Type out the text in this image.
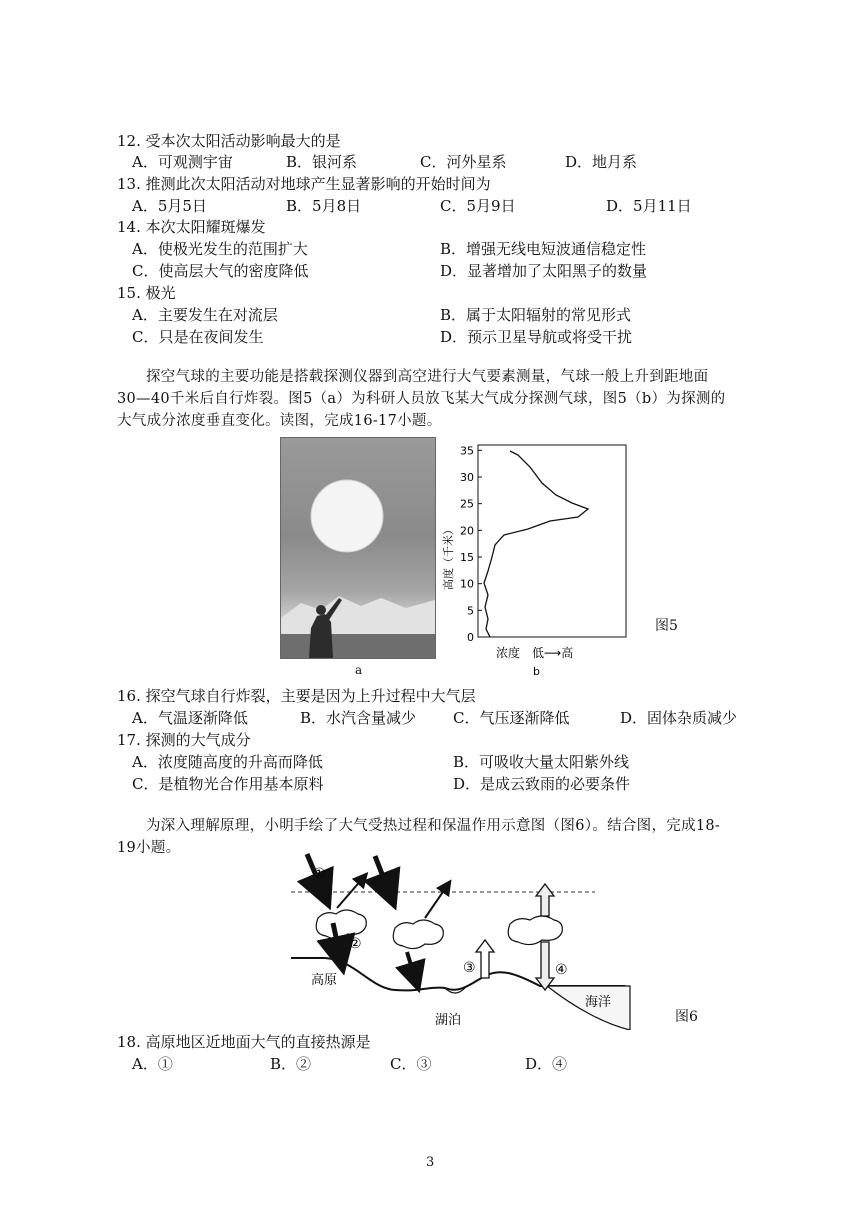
12. 受本次太阳活动影响最大的是
A．可观测宇宙	B．银河系	C．河外星系	D．地月系
13. 推测此次太阳活动对地球产生显著影响的开始时间为
A．5月5日	B．5月8日	C．5月9日	D．5月11日
14. 本次太阳耀斑爆发
A．使极光发生的范围扩大	B．增强无线电短波通信稳定性
C．使高层大气的密度降低	D．显著增加了太阳黑子的数量
15. 极光
A．主要发生在对流层	B．属于太阳辐射的常见形式
C．只是在夜间发生	D．预示卫星导航或将受干扰
探空气球的主要功能是搭载探测仪器到高空进行大气要素测量，气球一般上升到距地面
30—40千米后自行炸裂。图5（a）为科研人员放飞某大气成分探测气球，图5（b）为探测的
大气成分浓度垂直变化。读图，完成16-17小题。
a
高度（千米）
0
5
10
15
20
25
30
35
浓度　低⟶高
b
图5
16. 探空气球自行炸裂，主要是因为上升过程中大气层
A．气温逐渐降低	B．水汽含量减少 C．气压逐渐降低	D．固体杂质减少
17. 探测的大气成分
A．浓度随高度的升高而降低	B．可吸收大量太阳紫外线
C．是植物光合作用基本原料	D．是成云致雨的必要条件
为深入理解原理，小明手绘了大气受热过程和保温作用示意图（图6）。结合图，完成18-
19小题。
①
②
③	④
高原
湖泊
海洋
图6
18. 高原地区近地面大气的直接热源是
A．①	B．②	C．③	D．④
3
